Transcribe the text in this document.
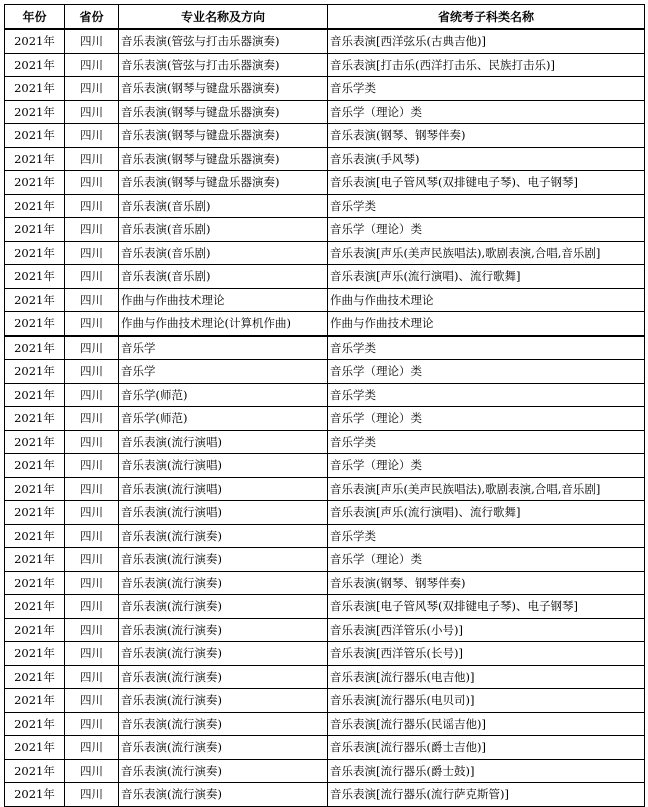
年份	省份	专业名称及方向	省统考子科类名称
2021年	四川	音乐表演(管弦与打击乐器演奏)	音乐表演[西洋弦乐(古典吉他)]
2021年	四川	音乐表演(管弦与打击乐器演奏)	音乐表演[打击乐(西洋打击乐、民族打击乐)]
2021年	四川	音乐表演(钢琴与键盘乐器演奏)	音乐学类
2021年	四川	音乐表演(钢琴与键盘乐器演奏)	音乐学（理论）类
2021年	四川	音乐表演(钢琴与键盘乐器演奏)	音乐表演(钢琴、钢琴伴奏)
2021年	四川	音乐表演(钢琴与键盘乐器演奏)	音乐表演(手风琴)
2021年	四川	音乐表演(钢琴与键盘乐器演奏)	音乐表演[电子管风琴(双排键电子琴)、电子钢琴]
2021年	四川	音乐表演(音乐剧)	音乐学类
2021年	四川	音乐表演(音乐剧)	音乐学（理论）类
2021年	四川	音乐表演(音乐剧)	音乐表演[声乐(美声民族唱法),歌剧表演,合唱,音乐剧]
2021年	四川	音乐表演(音乐剧)	音乐表演[声乐(流行演唱)、流行歌舞]
2021年	四川	作曲与作曲技术理论	作曲与作曲技术理论
2021年	四川	作曲与作曲技术理论(计算机作曲)	作曲与作曲技术理论
2021年	四川	音乐学	音乐学类
2021年	四川	音乐学	音乐学（理论）类
2021年	四川	音乐学(师范)	音乐学类
2021年	四川	音乐学(师范)	音乐学（理论）类
2021年	四川	音乐表演(流行演唱)	音乐学类
2021年	四川	音乐表演(流行演唱)	音乐学（理论）类
2021年	四川	音乐表演(流行演唱)	音乐表演[声乐(美声民族唱法),歌剧表演,合唱,音乐剧]
2021年	四川	音乐表演(流行演唱)	音乐表演[声乐(流行演唱)、流行歌舞]
2021年	四川	音乐表演(流行演奏)	音乐学类
2021年	四川	音乐表演(流行演奏)	音乐学（理论）类
2021年	四川	音乐表演(流行演奏)	音乐表演(钢琴、钢琴伴奏)
2021年	四川	音乐表演(流行演奏)	音乐表演[电子管风琴(双排键电子琴)、电子钢琴]
2021年	四川	音乐表演(流行演奏)	音乐表演[西洋管乐(小号)]
2021年	四川	音乐表演(流行演奏)	音乐表演[西洋管乐(长号)]
2021年	四川	音乐表演(流行演奏)	音乐表演[流行器乐(电吉他)]
2021年	四川	音乐表演(流行演奏)	音乐表演[流行器乐(电贝司)]
2021年	四川	音乐表演(流行演奏)	音乐表演[流行器乐(民谣吉他)]
2021年	四川	音乐表演(流行演奏)	音乐表演[流行器乐(爵士吉他)]
2021年	四川	音乐表演(流行演奏)	音乐表演[流行器乐(爵士鼓)]
2021年	四川	音乐表演(流行演奏)	音乐表演[流行器乐(流行萨克斯管)]
